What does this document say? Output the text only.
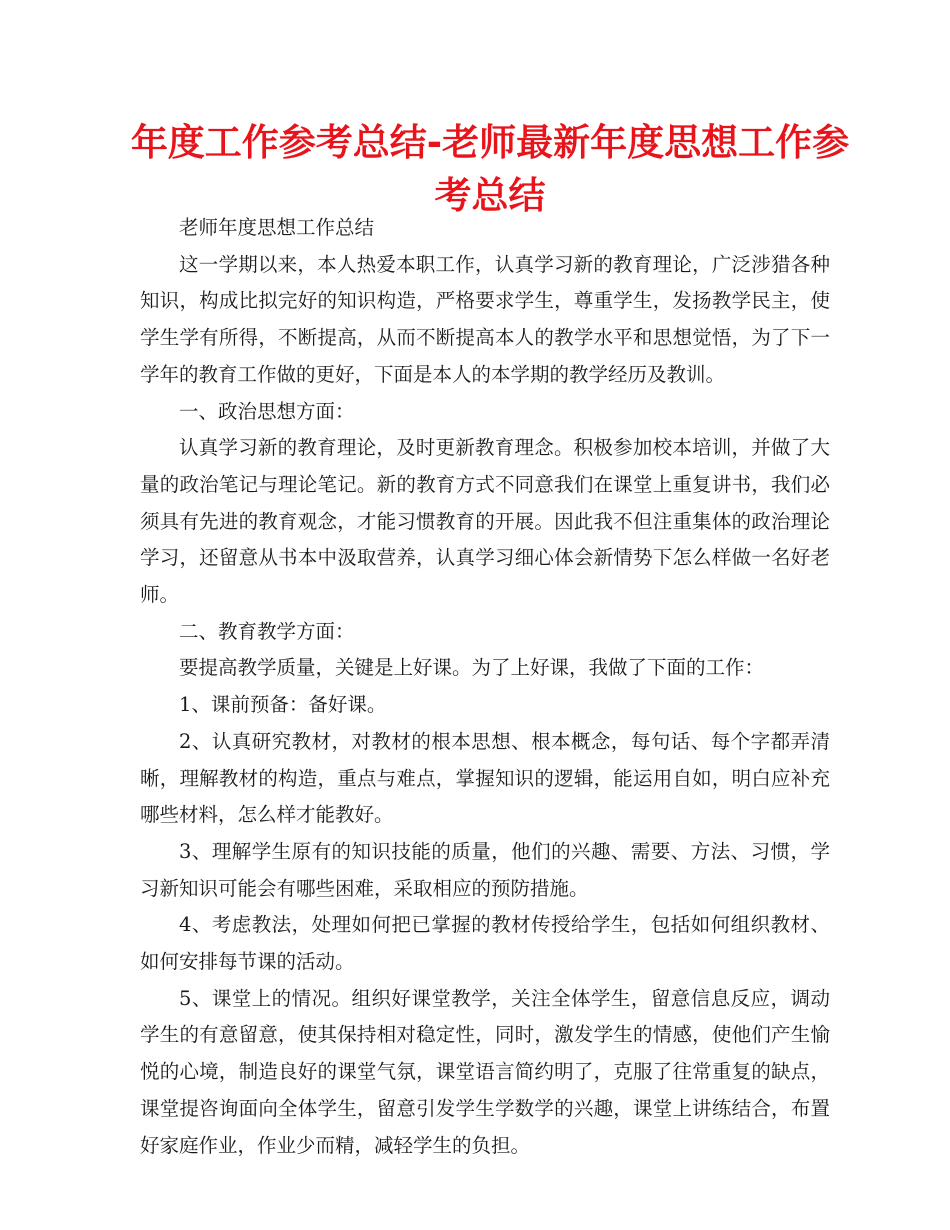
年度工作参考总结-老师最新年度思想工作参考总结

老师年度思想工作总结

这一学期以来，本人热爱本职工作，认真学习新的教育理论，广泛涉猎各种知识，构成比拟完好的知识构造，严格要求学生，尊重学生，发扬教学民主，使学生学有所得，不断提高，从而不断提高本人的教学水平和思想觉悟，为了下一学年的教育工作做的更好，下面是本人的本学期的教学经历及教训。

一、政治思想方面：

认真学习新的教育理论，及时更新教育理念。积极参加校本培训，并做了大量的政治笔记与理论笔记。新的教育方式不同意我们在课堂上重复讲书，我们必须具有先进的教育观念，才能习惯教育的开展。因此我不但注重集体的政治理论学习，还留意从书本中汲取营养，认真学习细心体会新情势下怎么样做一名好老师。

二、教育教学方面：

要提高教学质量，关键是上好课。为了上好课，我做了下面的工作：

1、课前预备：备好课。

2、认真研究教材，对教材的根本思想、根本概念，每句话、每个字都弄清晰，理解教材的构造，重点与难点，掌握知识的逻辑，能运用自如，明白应补充哪些材料，怎么样才能教好。

3、理解学生原有的知识技能的质量，他们的兴趣、需要、方法、习惯，学习新知识可能会有哪些困难，采取相应的预防措施。

4、考虑教法，处理如何把已掌握的教材传授给学生，包括如何组织教材、如何安排每节课的活动。

5、课堂上的情况。组织好课堂教学，关注全体学生，留意信息反应，调动学生的有意留意，使其保持相对稳定性，同时，激发学生的情感，使他们产生愉悦的心境，制造良好的课堂气氛，课堂语言简约明了，克服了往常重复的缺点，课堂提咨询面向全体学生，留意引发学生学数学的兴趣，课堂上讲练结合，布置好家庭作业，作业少而精，减轻学生的负担。
